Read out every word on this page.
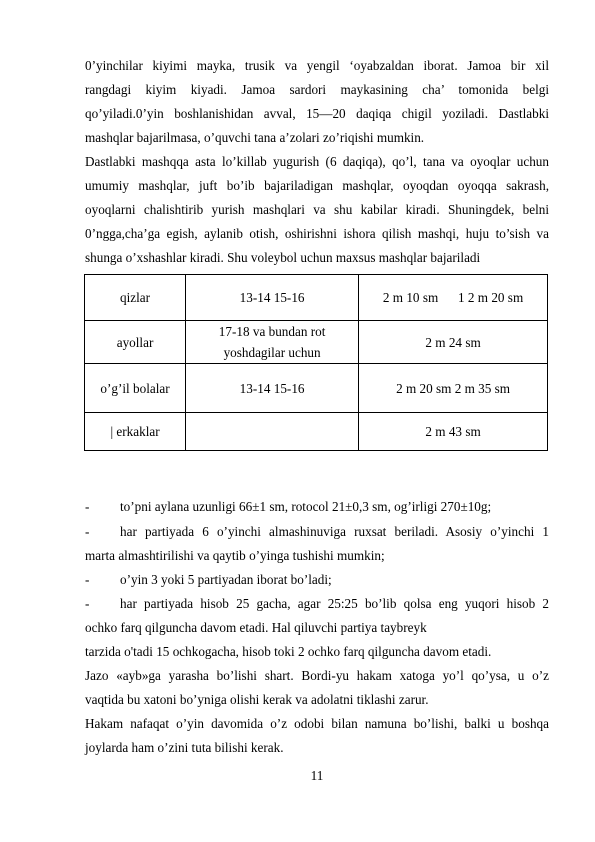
0’yinchilar kiyimi mayka, trusik va yengil ‘oyabzaldan iborat. Jamoa bir xil
rangdagi kiyim kiyadi. Jamoa sardori maykasining cha’ tomonida belgi
qo’yiladi.0’yin boshlanishidan avval, 15—20 daqiqa chigil yoziladi. Dastlabki
mashqlar bajarilmasa, o’quvchi tana a’zolari zo’riqishi mumkin.
Dastlabki mashqqa asta lo’killab yugurish (6 daqiqa), qo’l, tana va oyoqlar uchun
umumiy mashqlar, juft bo’ib bajariladigan mashqlar, oyoqdan oyoqqa sakrash,
oyoqlarni chalishtirib yurish mashqlari va shu kabilar kiradi. Shuningdek, belni
0’ngga,cha’ga egish, aylanib otish, oshirishni ishora qilish mashqi, huju to’sish va
shunga o’xshashlar kiradi. Shu voleybol uchun maxsus mashqlar bajariladi
qizlar	13-14 15-16	2 m 10 sm      1 2 m 20 sm
ayollar	17-18 va bundan rot yoshdagilar uchun	2 m 24 sm
o’g’il bolalar	13-14 15-16	2 m 20 sm 2 m 35 sm
| erkaklar		2 m 43 sm
- to’pni aylana uzunligi 66±1 sm, rotocol 21±0,3 sm, og’irligi 270±10g;
- har partiyada 6 o’yinchi almashinuviga ruxsat beriladi. Asosiy o’yinchi 1
marta almashtirilishi va qaytib o’yinga tushishi mumkin;
- o’yin 3 yoki 5 partiyadan iborat bo’ladi;
- har partiyada hisob 25 gacha, agar 25:25 bo’lib qolsa eng yuqori hisob 2
ochko farq qilguncha davom etadi. Hal qiluvchi partiya taybreyk
tarzida o'tadi 15 ochkogacha, hisob toki 2 ochko farq qilguncha davom etadi.
Jazo «ayb»ga yarasha bo’lishi shart. Bordi-yu hakam xatoga yo’l qo’ysa, u o’z
vaqtida bu xatoni bo’yniga olishi kerak va adolatni tiklashi zarur.
Hakam nafaqat o’yin davomida o’z odobi bilan namuna bo’lishi, balki u boshqa
joylarda ham o’zini tuta bilishi kerak.
11
